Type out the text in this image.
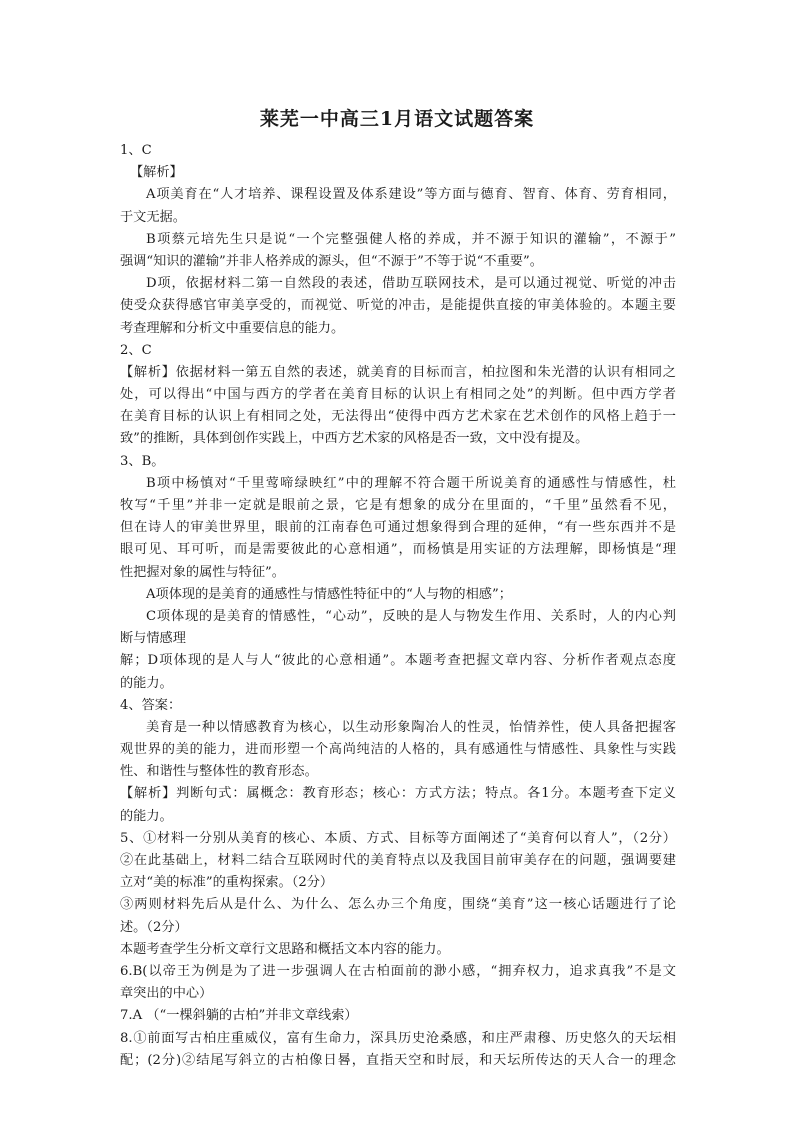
莱芜一中高三1月语文试题答案
1、C
【解析】
A项美育在“人才培养、课程设置及体系建设”等方面与德育、智育、体育、劳育相同，
于文无据。
B项蔡元培先生只是说“一个完整强健人格的养成，并不源于知识的灌输”，不源于”
强调“知识的灌输”并非人格养成的源头，但“不源于”不等于说“不重要”。
D项，依据材料二第一自然段的表述，借助互联网技术，是可以通过视觉、听觉的冲击
使受众获得感官审美享受的，而视觉、听觉的冲击，是能提供直接的审美体验的。本题主要
考查理解和分析文中重要信息的能力。
2、C
【解析】依据材料一第五自然的表述，就美育的目标而言，柏拉图和朱光潜的认识有相同之
处，可以得出“中国与西方的学者在美育目标的认识上有相同之处”的判断。但中西方学者
在美育目标的认识上有相同之处，无法得出“使得中西方艺术家在艺术创作的风格上趋于一
致”的推断，具体到创作实践上，中西方艺术家的风格是否一致，文中没有提及。
3、B。
B项中杨慎对“千里莺啼绿映红”中的理解不符合题干所说美育的通感性与情感性，杜
牧写“千里”并非一定就是眼前之景，它是有想象的成分在里面的，“千里”虽然看不见，
但在诗人的审美世界里，眼前的江南春色可通过想象得到合理的延伸，“有一些东西并不是
眼可见、耳可听，而是需要彼此的心意相通”，而杨慎是用实证的方法理解，即杨慎是“理
性把握对象的属性与特征”。
A项体现的是美育的通感性与情感性特征中的“人与物的相感”；
C项体现的是美育的情感性，“心动”，反映的是人与物发生作用、关系时，人的内心判
断与情感理
解；D项体现的是人与人“彼此的心意相通”。本题考查把握文章内容、分析作者观点态度
的能力。
4、答案：
美育是一种以情感教育为核心，以生动形象陶冶人的性灵，怡情养性，使人具备把握客
观世界的美的能力，进而形塑一个高尚纯洁的人格的，具有感通性与情感性、具象性与实践
性、和谐性与整体性的教育形态。
【解析】判断句式：属概念：教育形态；核心：方式方法；特点。各1分。本题考查下定义
的能力。
5、①材料一分别从美育的核心、本质、方式、目标等方面阐述了“美育何以育人”，（2分）
②在此基础上，材料二结合互联网时代的美育特点以及我国目前审美存在的问题，强调要建
立对“美的标准”的重构探索。（2分）
③两则材料先后从是什么、为什么、怎么办三个角度，围绕“美育”这一核心话题进行了论
述。（2分）
本题考查学生分析文章行文思路和概括文本内容的能力。
6.B(以帝王为例是为了进一步强调人在古柏面前的渺小感，“拥弃权力，追求真我”不是文
章突出的中心）
7.A （“一棵斜躺的古柏”并非文章线索）
8.①前面写古柏庄重威仪，富有生命力，深具历史沧桑感，和庄严肃穆、历史悠久的天坛相
配；(2分)②结尾写斜立的古柏像日晷，直指天空和时辰，和天坛所传达的天人合一的理念
